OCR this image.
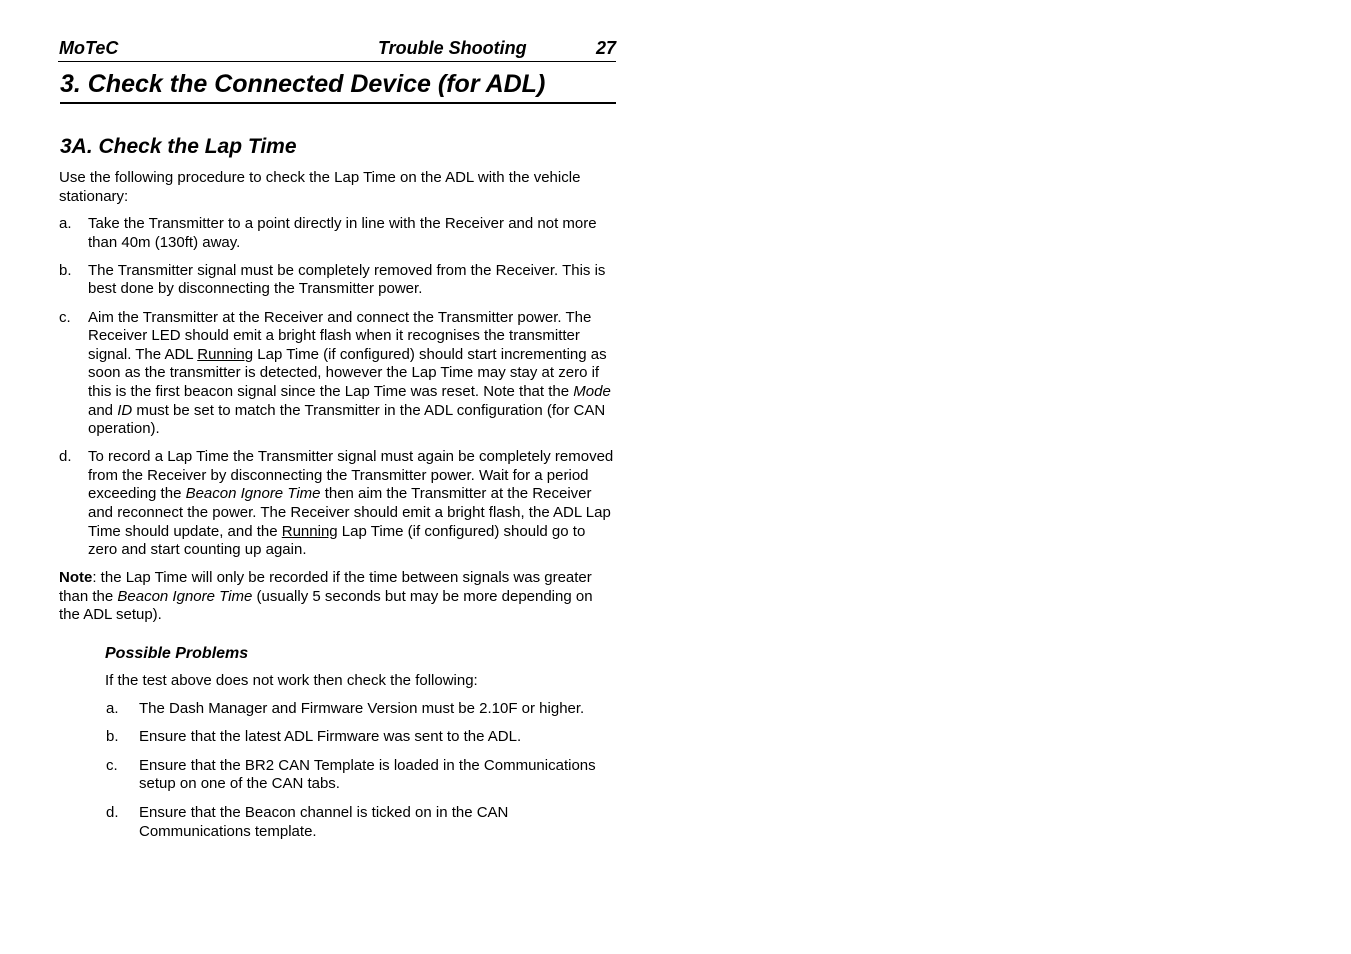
MoTeC	Trouble Shooting	27
3. Check the Connected Device (for ADL)
3A. Check the Lap Time

Use the following procedure to check the Lap Time on the ADL with the vehicle stationary:

a. Take the Transmitter to a point directly in line with the Receiver and not more than 40m (130ft) away.
b. The Transmitter signal must be completely removed from the Receiver. This is best done by disconnecting the Transmitter power.
c. Aim the Transmitter at the Receiver and connect the Transmitter power. The Receiver LED should emit a bright flash when it recognises the transmitter signal. The ADL Running Lap Time (if configured) should start incrementing as soon as the transmitter is detected, however the Lap Time may stay at zero if this is the first beacon signal since the Lap Time was reset. Note that the Mode and ID must be set to match the Transmitter in the ADL configuration (for CAN operation).
d. To record a Lap Time the Transmitter signal must again be completely removed from the Receiver by disconnecting the Transmitter power. Wait for a period exceeding the Beacon Ignore Time then aim the Transmitter at the Receiver and reconnect the power. The Receiver should emit a bright flash, the ADL Lap Time should update, and the Running Lap Time (if configured) should go to zero and start counting up again.

Note: the Lap Time will only be recorded if the time between signals was greater than the Beacon Ignore Time (usually 5 seconds but may be more depending on the ADL setup).

Possible Problems

If the test above does not work then check the following:

a. The Dash Manager and Firmware Version must be 2.10F or higher.
b. Ensure that the latest ADL Firmware was sent to the ADL.
c. Ensure that the BR2 CAN Template is loaded in the Communications setup on one of the CAN tabs.
d. Ensure that the Beacon channel is ticked on in the CAN Communications template.
